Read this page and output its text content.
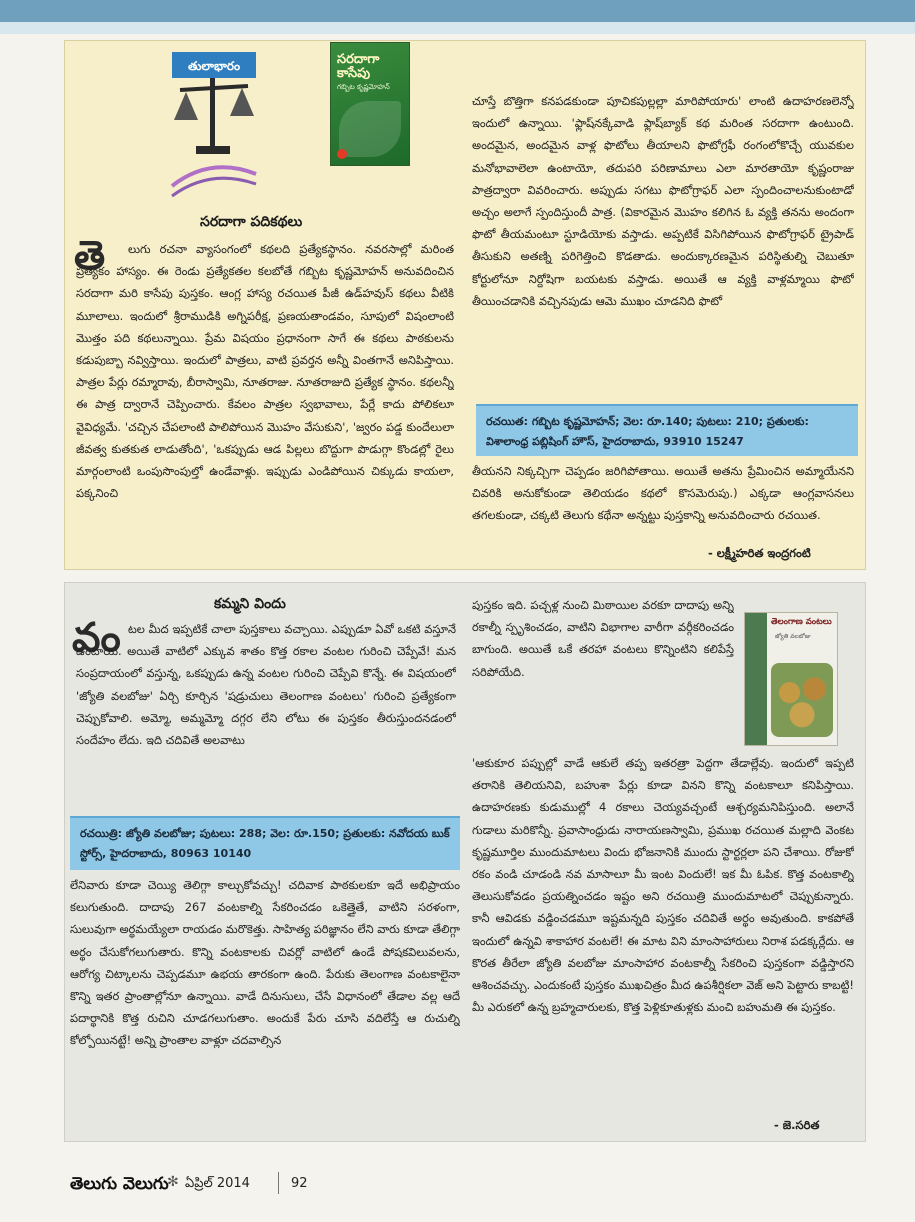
తులాభారం	సరదాగా కాసేపు
గబ్బిట కృష్ణమోహన్
సరదాగా పదికథలు
తె	లుగు రచనా వ్యాసంగంలో కథలది ప్రత్యేకస్థానం. నవరసాల్లో మరింత ప్రత్యేకం హాస్యం. ఈ రెండు ప్రత్యేకతల కలబోతే గబ్బిట కృష్ణమోహన్ అనువదించిన సరదాగా మరి కాసేపు పుస్తకం. ఆంగ్ల హాస్య రచయిత పీజీ ఉడ్‌హవుస్ కథలు వీటికి మూలాలు. ఇందులో శ్రీరాముడికి అగ్నిపరీక్ష, ప్రణయతాండవం, సూపులో విషంలాంటి మొత్తం పది కథలున్నాయి. ప్రేమ విషయం ప్రధానంగా సాగే ఈ కథలు పాఠకులను కడుపుబ్బా నవ్విస్తాయి. ఇందులో పాత్రలు, వాటి ప్రవర్తన అన్నీ వింతగానే అనిపిస్తాయి. పాత్రల పేర్లు రమ్మారావు, బీరాస్వామి, నూతరాజు. నూతరాజుది ప్రత్యేక స్థానం. కథలన్నీ ఈ పాత్ర ద్వారానే చెప్పించారు. కేవలం పాత్రల స్వభావాలు, పేర్లే కాదు పోలికలూ వైవిధ్యమే. 'చచ్చిన చేపలాంటి పాలిపోయిన మొహం వేసుకుని', 'జ్వరం పడ్డ కుందేలులా జీవత్వ కుతకుత లాడుతోంది', 'ఒకప్పుడు ఆడ పిల్లలు బొద్దుగా పొడుగ్గా కొండల్లో రైలు మార్గంలాంటి ఒంపుసొంపుల్తో ఉండేవాళ్లు. ఇప్పుడు ఎండిపోయిన చిక్కుడు కాయలా, పక్కనించి

చూస్తే బొత్తిగా కనపడకుండా పూచికపుల్లల్లా మారిపోయారు' లాంటి ఉదాహరణలెన్నో ఇందులో ఉన్నాయి. 'ఫ్లాష్‌నక్కేవాడి ఫ్లాష్‌బ్యాక్ కథ మరింత సరదాగా ఉంటుంది. అందమైన, అందమైన వాళ్ల ఫొటోలు తీయాలని ఫొటోగ్రఫీ రంగంలోకొచ్చే యువకుల మనోభావాలెలా ఉంటాయో, తదుపరి పరిణామాలు ఎలా మారతాయో కృష్ణంరాజు పాత్రద్వారా వివరించారు. అప్పుడు సగటు ఫొటోగ్రాఫర్ ఎలా స్పందించాలనుకుంటాడో అచ్చం అలాగే స్పందిస్తుందీ పాత్ర. (వికారమైన మొహం కలిగిన ఓ వ్యక్తి తనను అందంగా ఫొటో తీయమంటూ స్టూడియోకు వస్తాడు. అప్పటికే విసిగిపోయిన ఫొటోగ్రాఫర్ ట్రైపాడ్ తీసుకుని అతణ్ని పరిగెత్తించి కొడతాడు. అందుక్కారణమైన పరిస్థితుల్ని చెబుతూ కోర్టులోనూ నిర్దోషిగా బయటకు వస్తాడు. అయితే ఆ వ్యక్తి వాళ్లమ్మాయి ఫొటో తీయించడానికి వచ్చినపుడు ఆమె ముఖం చూడనిది ఫొటో

రచయిత: గబ్బిట కృష్ణమోహన్; వెల: రూ.140; పుటలు: 210; ప్రతులకు: విశాలాంధ్ర పబ్లిషింగ్ హౌస్, హైదరాబాదు, 93910 15247

తీయనని నిక్కచ్చిగా చెప్పడం జరిగిపోతాయి. అయితే అతను ప్రేమించిన అమ్మాయేనని చివరికి అనుకోకుండా తెలియడం కథలో కొసమెరుపు.) ఎక్కడా ఆంగ్లవాసనలు తగలకుండా, చక్కటి తెలుగు కథేనా అన్నట్టు పుస్తకాన్ని అనువదించారు రచయిత.

- లక్ష్మీహరిత ఇంద్రగంటి
కమ్మని విందు
వం టల మీద ఇప్పటికే చాలా పుస్తకాలు వచ్చాయి. ఎప్పుడూ ఏవో ఒకటి వస్తూనే ఉంటాయి. అయితే వాటిలో ఎక్కువ శాతం కొత్త రకాల వంటల గురించి చెప్పేవే! మన సంప్రదాయంలో వస్తున్న, ఒకప్పుడు ఉన్న వంటల గురించి చెప్పేవి కొన్నే. ఈ విషయంలో 'జ్యోతి వలబోజు' ఏర్చి కూర్చిన 'షడ్రుచులు తెలంగాణ వంటలు' గురించి ప్రత్యేకంగా చెప్పుకోవాలి. అమ్మో, అమ్మమ్మో దగ్గర లేని లోటు ఈ పుస్తకం తీరుస్తుందనడంలో సందేహం లేదు. ఇది చదివితే అలవాటు

రచయిత్రి: జ్యోతి వలబోజు; పుటలు: 288; వెల: రూ.150; ప్రతులకు: నవోదయ బుక్ స్టోర్స్, హైదరాబాదు, 80963 10140

లేనివారు కూడా చెయ్యి తెలిగ్గా కాల్చుకోవచ్చు! చదివాక పాఠకులకూ ఇదే అభిప్రాయం కలుగుతుంది. దాదాపు 267 వంటకాల్ని సేకరించడం ఒకెత్తైతే, వాటిని సరళంగా, సులువుగా అర్థమయ్యేలా రాయడం మరొకెత్తు. సాహిత్య పరిజ్ఞానం లేని వారు కూడా తేలిగ్గా అర్థం చేసుకోగలుగుతారు. కొన్ని వంటకాలకు చివర్లో వాటిలో ఉండే పోషకవిలువలను, ఆరోగ్య చిట్కాలను చెప్పడమూ ఉభయ తారకంగా ఉంది. పేరుకు తెలంగాణ వంటకాలైనా కొన్ని ఇతర ప్రాంతాల్లోనూ ఉన్నాయి. వాడే దినుసులు, చేసే విధానంలో తేడాల వల్ల ఆదే పదార్థానికి కొత్త రుచిని చూడగలుగుతాం. అందుకే పేరు చూసి వదిలేస్తే ఆ రుచుల్ని కోల్పోయినట్టే! అన్ని ప్రాంతాల వాళ్లూ చదవాల్సిన

పుస్తకం ఇది. పచ్చళ్ల నుంచి మిఠాయిల వరకూ దాదాపు అన్ని రకాల్నీ స్పృశించడం, వాటిని విభాగాల వారీగా వర్గీకరించడం బాగుంది. అయితే ఒకే తరహా వంటలు కొన్నింటిని కలిపేస్తే సరిపోయేది.

తెలంగాణ వంటలు
జ్యోతి వలబోజు
- జె.సరిత
తెలుగు వెలుగు
✻ ఏప్రిల్ 2014	92

'ఆకుకూర పప్పుల్లో వాడే ఆకులే తప్ప ఇతరత్రా పెద్దగా తేడాల్లేవు. ఇందులో ఇప్పటి తరానికి తెలియనివి, బహుశా పేర్లు కూడా వినని కొన్ని వంటకాలూ కనిపిస్తాయి. ఉదాహరణకు కుడుముల్లో 4 రకాలు చెయ్యవచ్చంటే ఆశ్చర్యమనిపిస్తుంది. అలానే గుడాలు మరికొన్నీ. ప్రవాసాంధ్రుడు నారాయణస్వామి, ప్రముఖ రచయిత మల్లాది వెంకట కృష్ణమూర్తిల ముందుమాటలు విందు భోజనానికి ముందు స్టార్టర్లలా పని చేశాయి. రోజుకో రకం వండి చూడండి నవ మాసాలూ మీ ఇంట విందులే! ఇక మీ ఓపిక. కొత్త వంటకాల్ని తెలుసుకోవడం ప్రయత్నించడం ఇష్టం అని రచయిత్రి ముందుమాటలో చెప్పుకున్నారు. కానీ ఆవిడకు వడ్డించడమూ ఇష్టమన్నది పుస్తకం చదివితే అర్థం అవుతుంది. కాకపోతే ఇందులో ఉన్నవి శాకాహార వంటలే! ఈ మాట విని మాంసాహారులు నిరాశ పడక్కర్లేదు. ఆ కొరత తీరేలా జ్యోతి వలబోజు మాంసాహార వంటకాల్నీ సేకరించి పుస్తకంగా వడ్డిస్తారని ఆశించవచ్చు. ఎందుకంటే పుస్తకం ముఖచిత్రం మీద ఉపశీర్షికలా వెజ్ అని పెట్టారు కాబట్టి! మీ ఎరుకలో ఉన్న బ్రహ్మచారులకు, కొత్త పెళ్లికూతుళ్లకు మంచి బహుమతి ఈ పుస్తకం.
